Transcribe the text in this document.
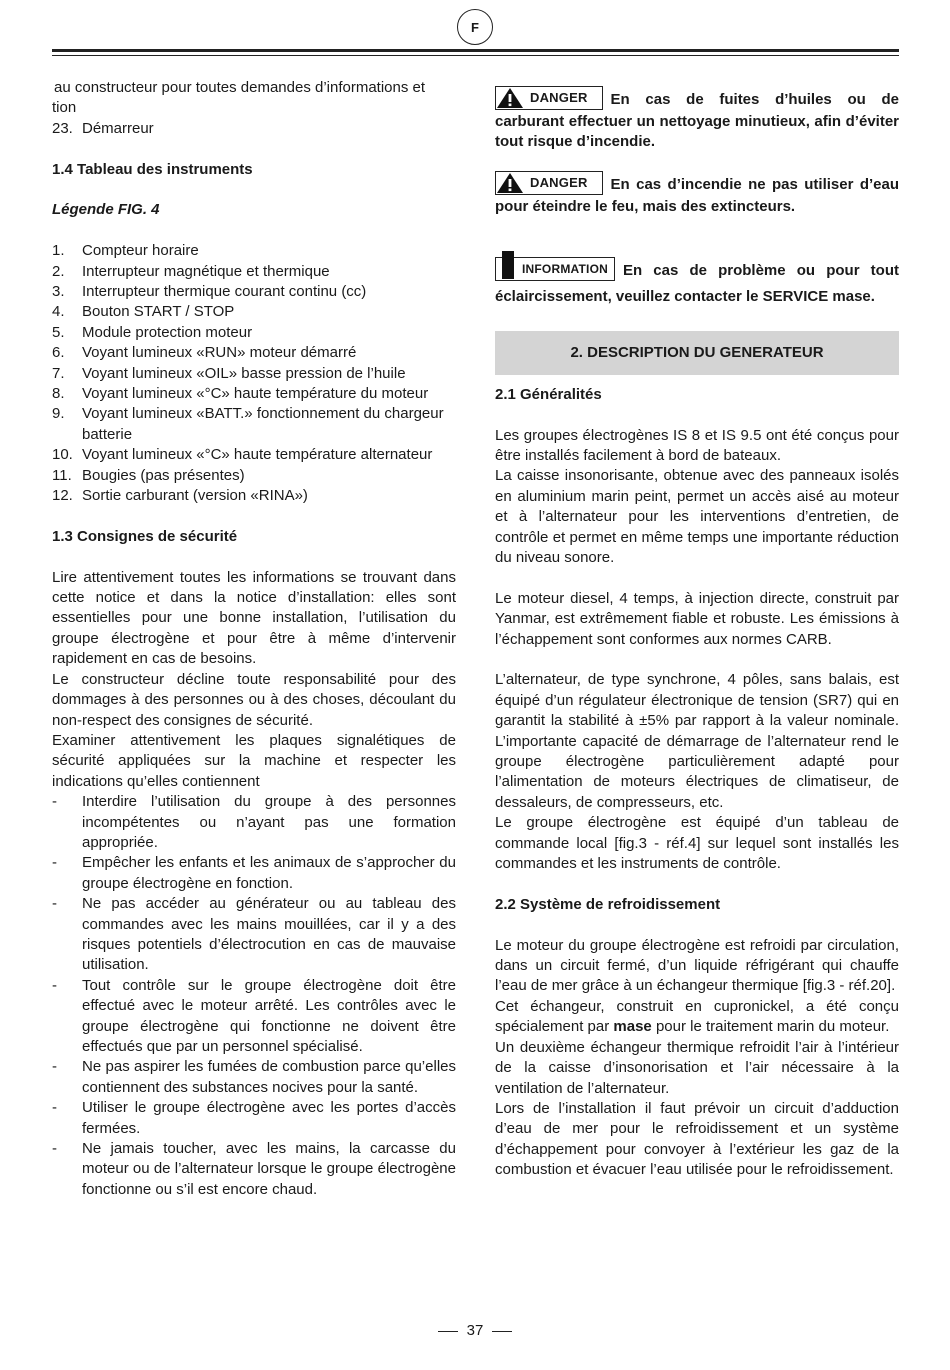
F

au constructeur pour toutes demandes d’informations et

tion

23. Démarreur

1.4 Tableau des instruments

Légende FIG. 4

1.	Compteur horaire
2.	Interrupteur magnétique et thermique
3.	Interrupteur thermique courant continu (cc)
4.	Bouton START / STOP
5.	Module protection moteur
6.	Voyant lumineux «RUN» moteur démarré
7.	Voyant lumineux «OIL» basse pression de l’huile
8.	Voyant lumineux «°C» haute température du moteur
9.	Voyant lumineux «BATT.» fonctionnement du chargeur batterie
10. Voyant lumineux «°C» haute température alternateur
11. Bougies (pas présentes)
12. Sortie carburant (version «RINA»)

1.3 Consignes de sécurité

Lire attentivement toutes les informations se trouvant dans cette notice et dans la notice d’installation: elles sont essentielles pour une bonne installation, l’utilisation du groupe électrogène et pour être à même d’intervenir rapidement en cas de besoins.

Le constructeur décline toute responsabilité pour des dommages à des personnes ou à des choses, découlant du non-respect des consignes de sécurité.

Examiner attentivement les plaques signalétiques de sécurité appliquées sur la machine et respecter les indications qu’elles contiennent

-	Interdire l’utilisation du groupe à des personnes incompétentes ou n’ayant pas une formation appropriée.
-	Empêcher les enfants et les animaux de s’approcher du groupe électrogène en fonction.
-	Ne pas accéder au générateur ou au tableau des commandes avec les mains mouillées, car il y a des risques potentiels d’électrocution en cas de mauvaise utilisation.
-	Tout contrôle sur le groupe électrogène doit être effectué avec le moteur arrêté. Les contrôles avec le groupe électrogène qui fonctionne ne doivent être effectués que par un personnel spécialisé.
-	Ne pas aspirer les fumées de combustion parce qu’elles contiennent des substances nocives pour la santé.
-	Utiliser le groupe électrogène avec les portes d’accès fermées.
-	Ne jamais toucher, avec les mains, la carcasse du moteur ou de l’alternateur lorsque le groupe électrogène fonctionne ou s’il est encore chaud.

DANGER	En cas de fuites d’huiles ou de carburant effectuer un nettoyage minutieux, afin d’éviter tout risque d’incendie.

DANGER	En cas d’incendie ne pas utiliser d’eau pour éteindre le feu, mais des extincteurs.

INFORMATION	En cas de problème ou pour tout éclaircissement, veuillez contacter le SERVICE mase.

2. DESCRIPTION DU GENERATEUR

2.1 Généralités

Les groupes électrogènes IS 8 et IS 9.5 ont été conçus pour être installés facilement à bord de bateaux.

La caisse insonorisante, obtenue avec des panneaux isolés en aluminium marin peint, permet un accès aisé au moteur et à l’alternateur pour les interventions d’entretien, de contrôle et permet en même temps une importante réduction du niveau sonore.

Le moteur diesel, 4 temps, à injection directe, construit par Yanmar, est extrêmement fiable et robuste. Les émissions à l’échappement sont conformes aux normes CARB.

L’alternateur, de type synchrone, 4 pôles, sans balais, est équipé d’un régulateur électronique de tension (SR7) qui en garantit la stabilité à ±5% par rapport à la valeur nominale. L’importante capacité de démarrage de l’alternateur rend le groupe électrogène particulièrement adapté pour l’alimentation de moteurs électriques de climatiseur, de dessaleurs, de compresseurs, etc.

Le groupe électrogène est équipé d’un tableau de commande local [fig.3 - réf.4] sur lequel sont installés les commandes et les instruments de contrôle.

2.2 Système de refroidissement

Le moteur du groupe électrogène est refroidi par circulation, dans un circuit fermé, d’un liquide réfrigérant qui chauffe l’eau de mer grâce à un échangeur thermique [fig.3 - réf.20].

Cet échangeur, construit en cupronickel, a été conçu spécialement par mase pour le traitement marin du moteur.

Un deuxième échangeur thermique refroidit l’air à l’intérieur de la caisse d’insonorisation et l’air nécessaire à la ventilation de l’alternateur.

Lors de l’installation il faut prévoir un circuit d’adduction d’eau de mer pour le refroidissement et un système d’échappement pour convoyer à l’extérieur les gaz de la combustion et évacuer l’eau utilisée pour le refroidissement.

37
